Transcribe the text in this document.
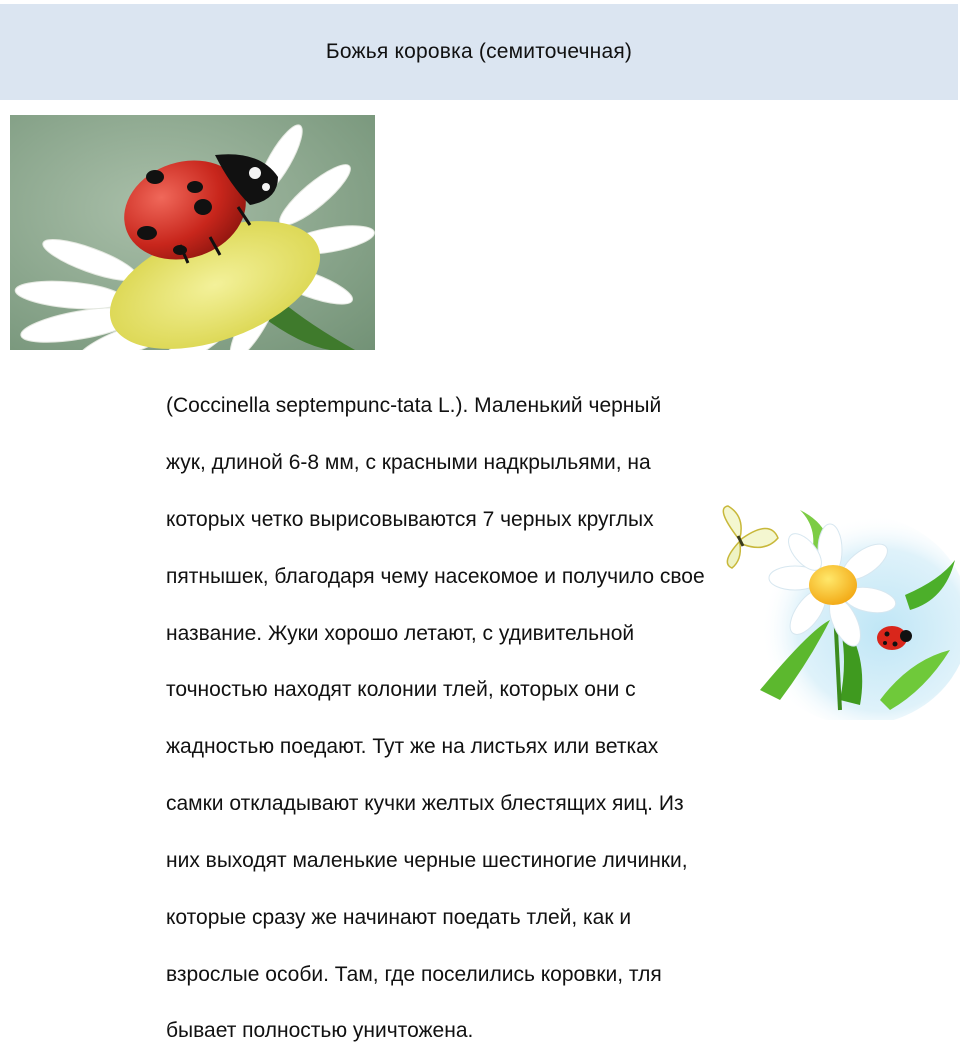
Божья коровка (семиточечная)

(Coccinella septempunc-tata L.). Маленький черный

жук, длиной 6-8 мм, с красными надкрыльями, на

которых четко вырисовываются 7 черных круглых

пятнышек, благодаря чему насекомое и получило свое

название. Жуки хорошо летают, с удивительной

точностью находят колонии тлей, которых они с

жадностью поедают. Тут же на листьях или ветках

самки откладывают кучки желтых блестящих яиц. Из

них выходят маленькие черные шестиногие личинки,

которые сразу же начинают поедать тлей, как и

взрослые особи. Там, где поселились коровки, тля

бывает полностью уничтожена.
